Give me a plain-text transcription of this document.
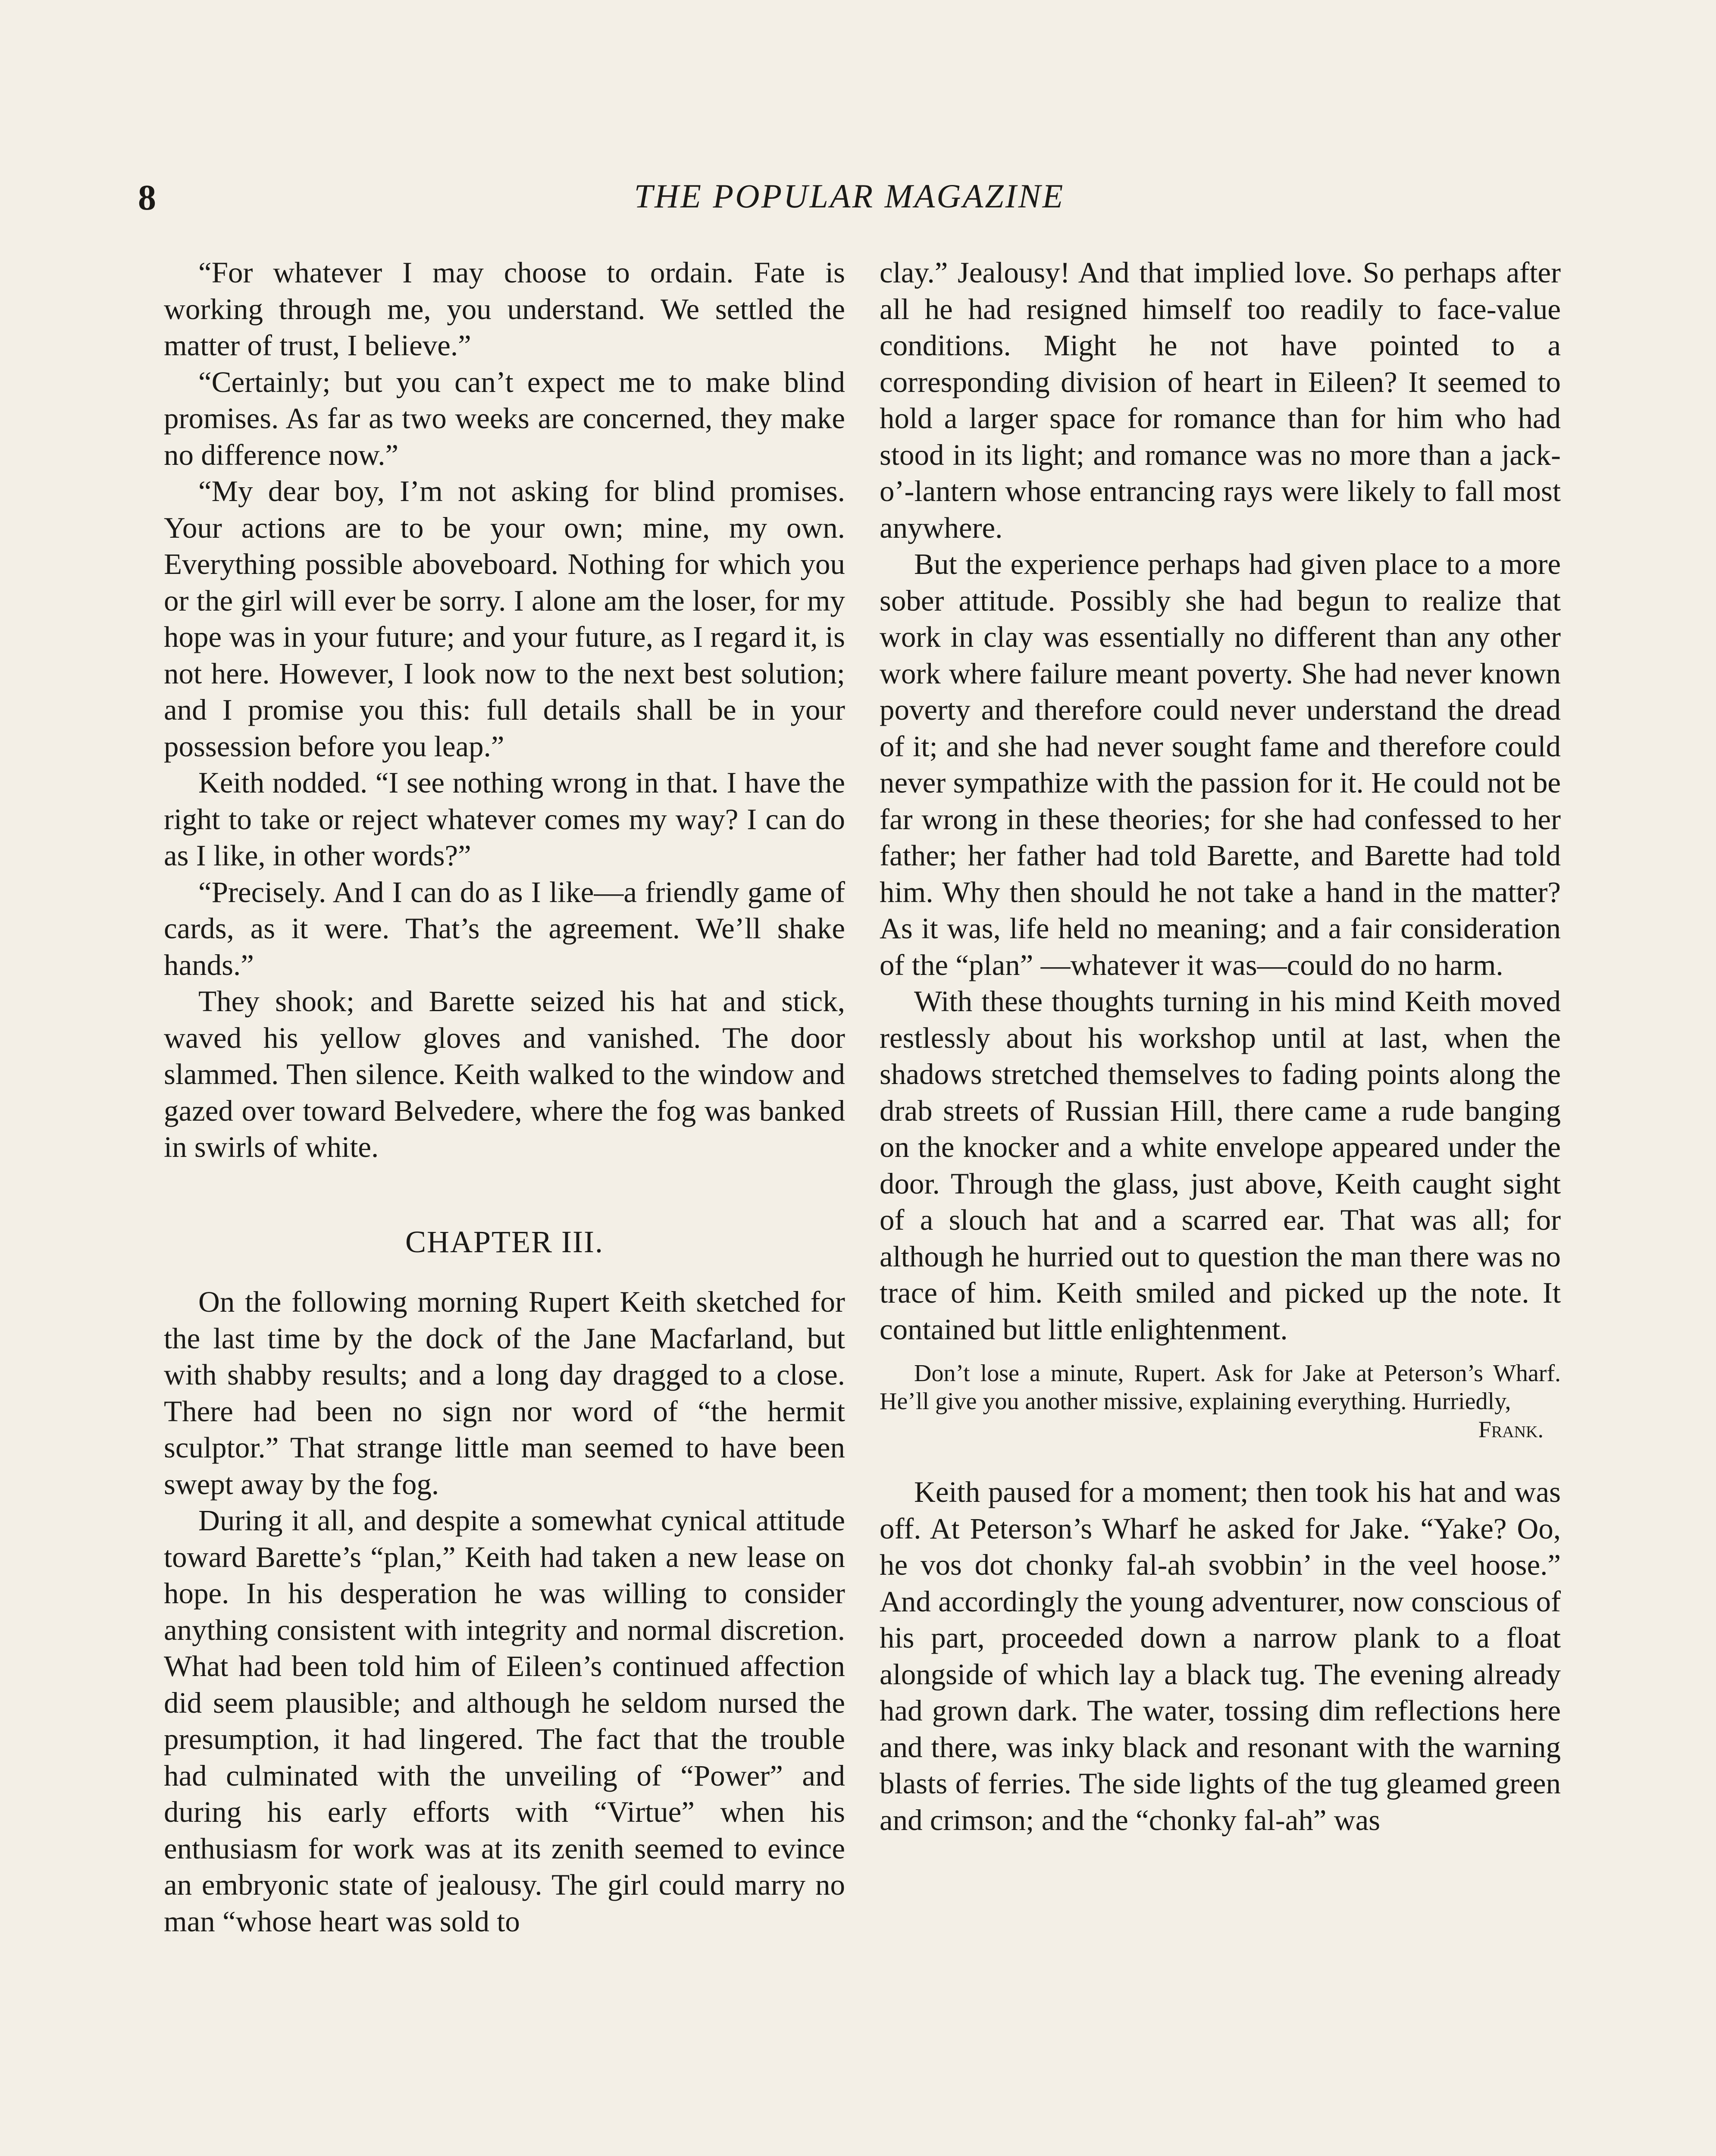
8	THE POPULAR MAGAZINE

“For whatever I may choose to ordain. Fate is working through me, you understand. We settled the matter of trust, I believe.”

“Certainly; but you can’t expect me to make blind promises. As far as two weeks are concerned, they make no difference now.”

“My dear boy, I’m not asking for blind promises. Your actions are to be your own; mine, my own. Everything possible aboveboard. Nothing for which you or the girl will ever be sorry. I alone am the loser, for my hope was in your future; and your future, as I regard it, is not here. However, I look now to the next best solution; and I promise you this: full details shall be in your possession before you leap.”

Keith nodded. “I see nothing wrong in that. I have the right to take or reject whatever comes my way? I can do as I like, in other words?”

“Precisely. And I can do as I like—a friendly game of cards, as it were. That’s the agreement. We’ll shake hands.”

They shook; and Barette seized his hat and stick, waved his yellow gloves and vanished. The door slammed. Then silence. Keith walked to the window and gazed over toward Belvedere, where the fog was banked in swirls of white.

CHAPTER III.

On the following morning Rupert Keith sketched for the last time by the dock of the Jane Macfarland, but with shabby results; and a long day dragged to a close. There had been no sign nor word of “the hermit sculptor.” That strange little man seemed to have been swept away by the fog.

During it all, and despite a somewhat cynical attitude toward Barette’s “plan,” Keith had taken a new lease on hope. In his desperation he was willing to consider anything consistent with integrity and normal discretion. What had been told him of Eileen’s continued affection did seem plausible; and although he seldom nursed the presumption, it had lingered. The fact that the trouble had culminated with the unveiling of “Power” and during his early efforts with “Virtue” when his enthusiasm for work was at its zenith seemed to evince an embryonic state of jealousy. The girl could marry no man “whose heart was sold to

clay.” Jealousy! And that implied love. So perhaps after all he had resigned himself too readily to face-value conditions. Might he not have pointed to a corresponding division of heart in Eileen? It seemed to hold a larger space for romance than for him who had stood in its light; and romance was no more than a jack-o’-lantern whose entrancing rays were likely to fall most anywhere.

But the experience perhaps had given place to a more sober attitude. Possibly she had begun to realize that work in clay was essentially no different than any other work where failure meant poverty. She had never known poverty and therefore could never understand the dread of it; and she had never sought fame and therefore could never sympathize with the passion for it. He could not be far wrong in these theories; for she had confessed to her father; her father had told Barette, and Barette had told him. Why then should he not take a hand in the matter? As it was, life held no meaning; and a fair consideration of the “plan” —whatever it was—could do no harm.

With these thoughts turning in his mind Keith moved restlessly about his workshop until at last, when the shadows stretched themselves to fading points along the drab streets of Russian Hill, there came a rude banging on the knocker and a white envelope appeared under the door. Through the glass, just above, Keith caught sight of a slouch hat and a scarred ear. That was all; for although he hurried out to question the man there was no trace of him. Keith smiled and picked up the note. It contained but little enlightenment.

Don’t lose a minute, Rupert. Ask for Jake at Peterson’s Wharf. He’ll give you another missive, explaining everything. Hurriedly,

Frank.

Keith paused for a moment; then took his hat and was off. At Peterson’s Wharf he asked for Jake. “Yake? Oo, he vos dot chonky fal-ah svobbin’ in the veel hoose.” And accordingly the young adventurer, now conscious of his part, proceeded down a narrow plank to a float alongside of which lay a black tug. The evening already had grown dark. The water, tossing dim reflections here and there, was inky black and resonant with the warning blasts of ferries. The side lights of the tug gleamed green and crimson; and the “chonky fal-ah” was
